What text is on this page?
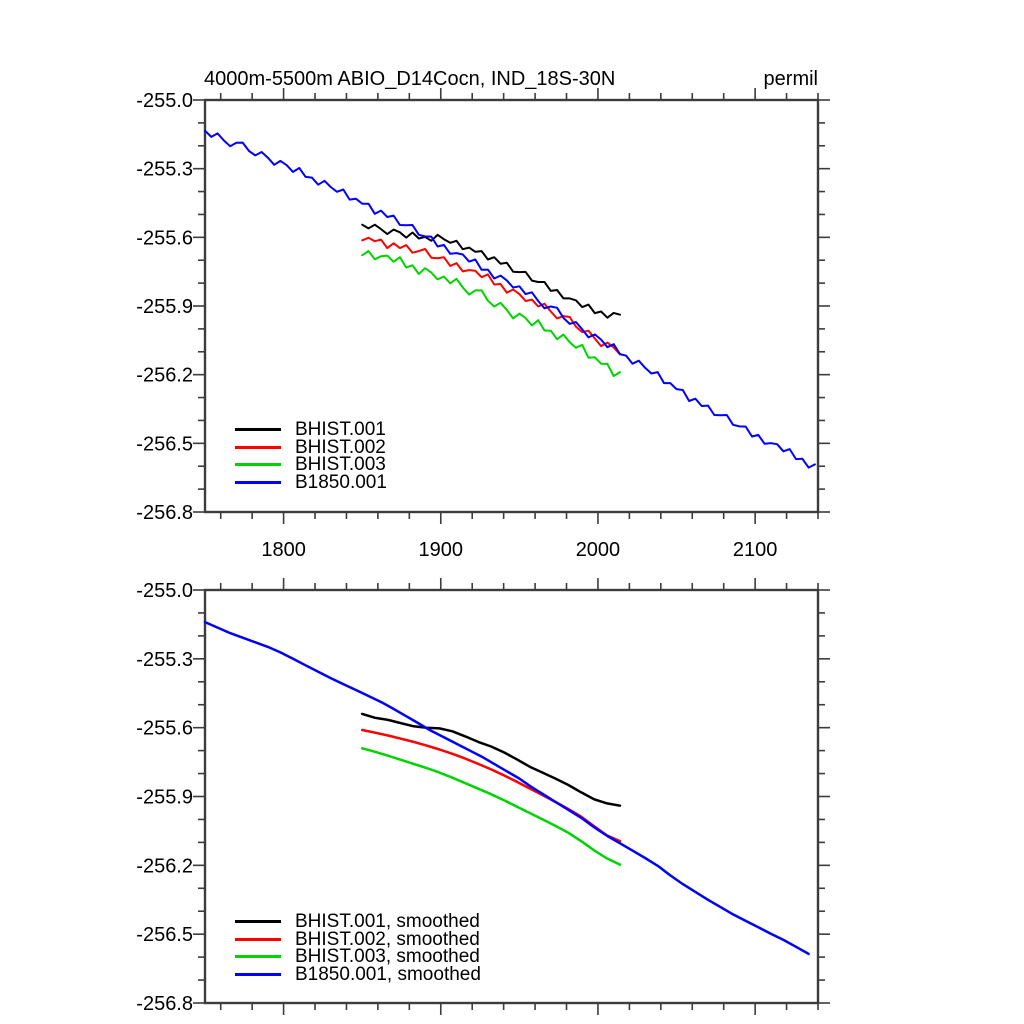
4000m-5500m ABIO_D14Cocn, IND_18S-30N	permil
1800	1900	2000	2100
-255.0
-255.3
-255.6
-255.9
-256.2
-256.5
-256.8
-255.0
-255.3
-255.6
-255.9
-256.2
-256.5
-256.8
BHIST.001
BHIST.002
BHIST.003
B1850.001
BHIST.001, smoothed
BHIST.002, smoothed
BHIST.003, smoothed
B1850.001, smoothed
